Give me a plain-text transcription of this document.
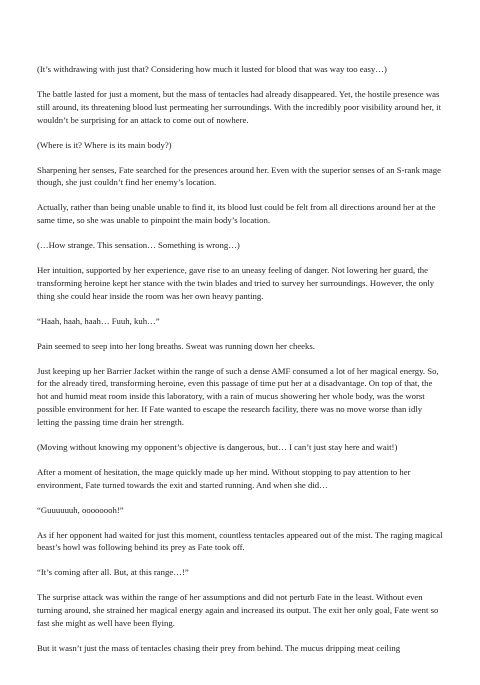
(It’s withdrawing with just that? Considering how much it lusted for blood that was way too easy…)

The battle lasted for just a moment, but the mass of tentacles had already disappeared. Yet, the hostile presence was still around, its threatening blood lust permeating her surroundings. With the incredibly poor visibility around her, it wouldn’t be surprising for an attack to come out of nowhere.

(Where is it? Where is its main body?)

Sharpening her senses, Fate searched for the presences around her. Even with the superior senses of an S-rank mage though, she just couldn’t find her enemy’s location.

Actually, rather than being unable unable to find it, its blood lust could be felt from all directions around her at the same time, so she was unable to pinpoint the main body’s location.

(…How strange. This sensation… Something is wrong…)

Her intuition, supported by her experience, gave rise to an uneasy feeling of danger. Not lowering her guard, the transforming heroine kept her stance with the twin blades and tried to survey her surroundings. However, the only thing she could hear inside the room was her own heavy panting.

“Haah, haah, haah… Fuuh, kuh…”

Pain seemed to seep into her long breaths. Sweat was running down her cheeks.

Just keeping up her Barrier Jacket within the range of such a dense AMF consumed a lot of her magical energy. So, for the already tired, transforming heroine, even this passage of time put her at a disadvantage. On top of that, the hot and humid meat room inside this laboratory, with a rain of mucus showering her whole body, was the worst possible environment for her. If Fate wanted to escape the research facility, there was no move worse than idly letting the passing time drain her strength.

(Moving without knowing my opponent’s objective is dangerous, but… I can’t just stay here and wait!)

After a moment of hesitation, the mage quickly made up her mind. Without stopping to pay attention to her environment, Fate turned towards the exit and started running. And when she did…

“Guuuuuuh, oooooooh!”

As if her opponent had waited for just this moment, countless tentacles appeared out of the mist. The raging magical beast’s howl was following behind its prey as Fate took off.

“It’s coming after all. But, at this range…!”

The surprise attack was within the range of her assumptions and did not perturb Fate in the least. Without even turning around, she strained her magical energy again and increased its output. The exit her only goal, Fate went so fast she might as well have been flying.

But it wasn’t just the mass of tentacles chasing their prey from behind. The mucus dripping meat ceiling
